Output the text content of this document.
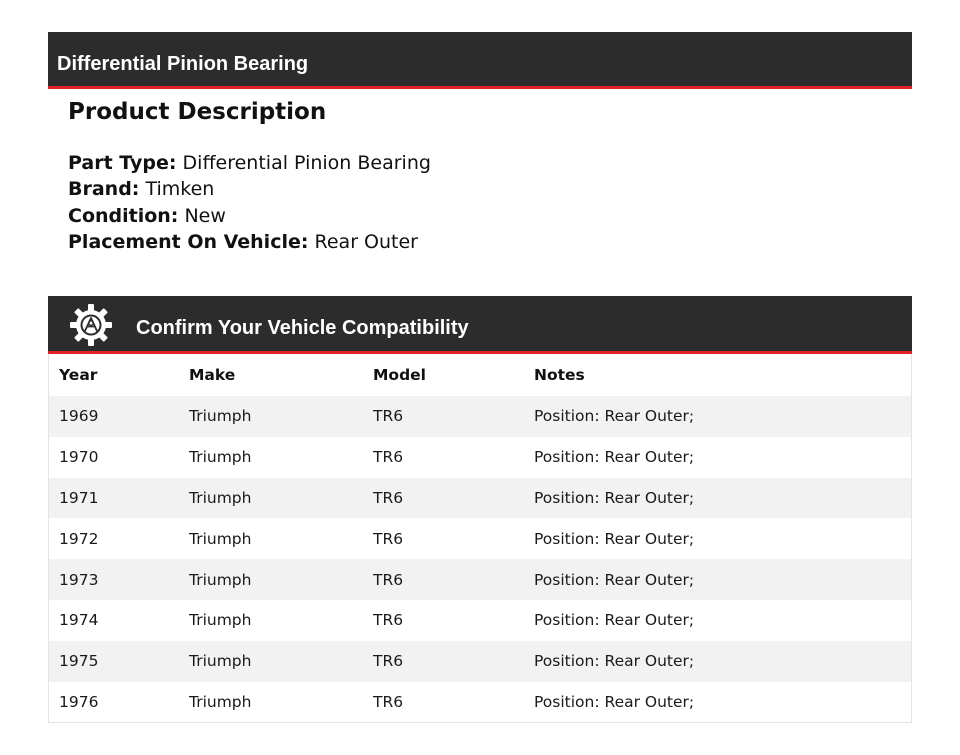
Differential Pinion Bearing
Product Description
Part Type: Differential Pinion Bearing
Brand: Timken
Condition: New
Placement On Vehicle: Rear Outer
Confirm Your Vehicle Compatibility
Year	Make	Model	Notes
1969	Triumph	TR6	Position: Rear Outer;
1970	Triumph	TR6	Position: Rear Outer;
1971	Triumph	TR6	Position: Rear Outer;
1972	Triumph	TR6	Position: Rear Outer;
1973	Triumph	TR6	Position: Rear Outer;
1974	Triumph	TR6	Position: Rear Outer;
1975	Triumph	TR6	Position: Rear Outer;
1976	Triumph	TR6	Position: Rear Outer;
